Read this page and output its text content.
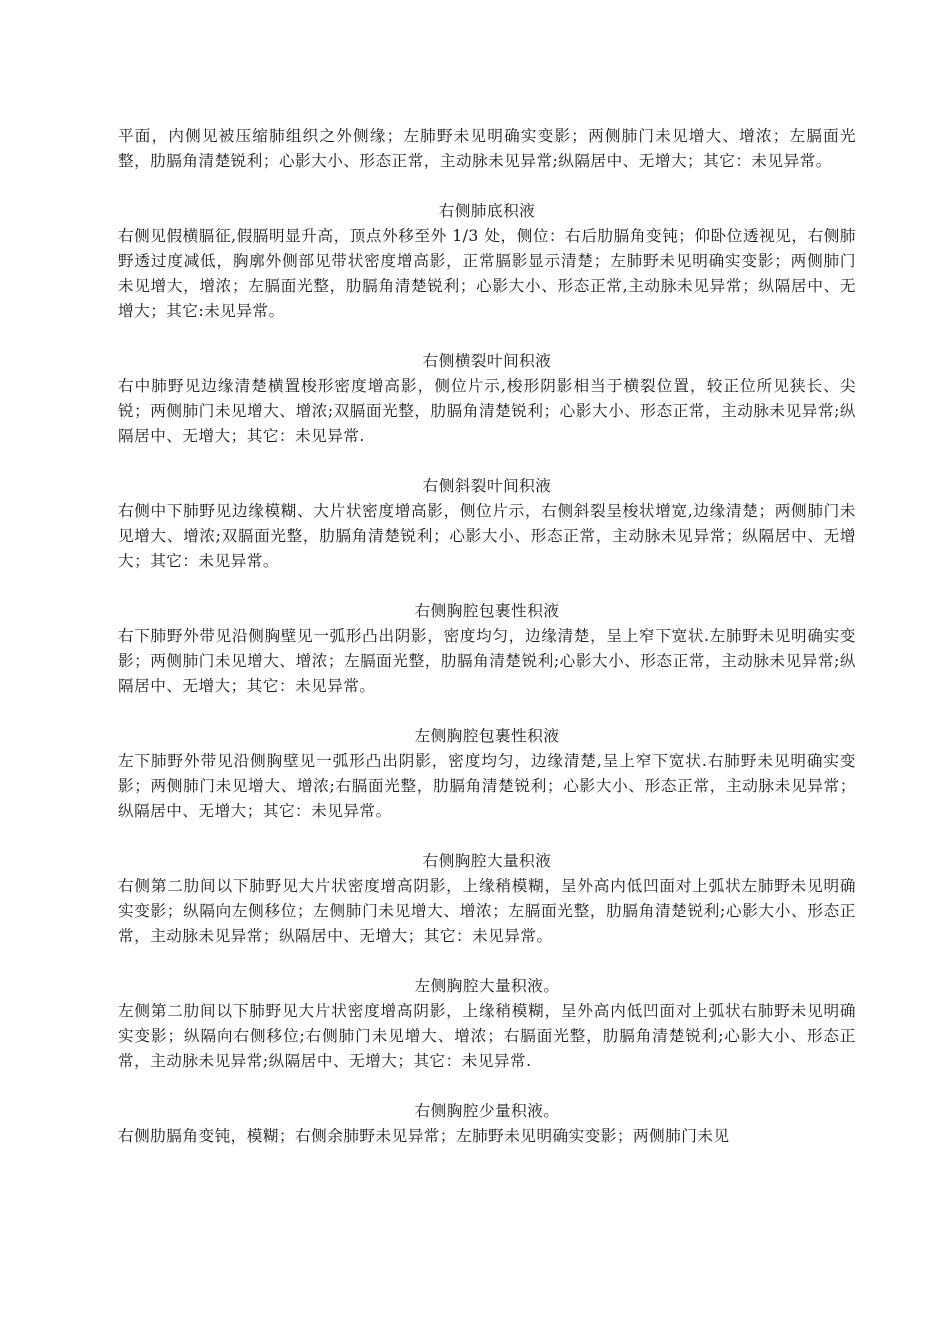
平面，内侧见被压缩肺组织之外侧缘；左肺野未见明确实变影；两侧肺门未见增大、增浓；左膈面光整，肋膈角清楚锐利；心影大小、形态正常，主动脉未见异常;纵隔居中、无增大；其它：未见异常。

右侧肺底积液

右侧见假横膈征,假膈明显升高，顶点外移至外 1/3 处，侧位：右后肋膈角变钝；仰卧位透视见，右侧肺野透过度减低，胸廓外侧部见带状密度增高影，正常膈影显示清楚；左肺野未见明确实变影；两侧肺门未见增大，增浓；左膈面光整，肋膈角清楚锐利；心影大小、形态正常,主动脉未见异常；纵隔居中、无增大；其它:未见异常。

右侧横裂叶间积液

右中肺野见边缘清楚横置梭形密度增高影，侧位片示,梭形阴影相当于横裂位置，较正位所见狭长、尖锐；两侧肺门未见增大、增浓;双膈面光整，肋膈角清楚锐利；心影大小、形态正常，主动脉未见异常;纵隔居中、无增大；其它：未见异常.

右侧斜裂叶间积液

右侧中下肺野见边缘模糊、大片状密度增高影，侧位片示，右侧斜裂呈梭状增宽,边缘清楚；两侧肺门未见增大、增浓;双膈面光整，肋膈角清楚锐利；心影大小、形态正常，主动脉未见异常；纵隔居中、无增大；其它：未见异常。

右侧胸腔包裹性积液

右下肺野外带见沿侧胸壁见一弧形凸出阴影，密度均匀，边缘清楚，呈上窄下宽状.左肺野未见明确实变影；两侧肺门未见增大、增浓；左膈面光整，肋膈角清楚锐利;心影大小、形态正常，主动脉未见异常;纵隔居中、无增大；其它：未见异常。

左侧胸腔包裹性积液

左下肺野外带见沿侧胸壁见一弧形凸出阴影，密度均匀，边缘清楚,呈上窄下宽状.右肺野未见明确实变影；两侧肺门未见增大、增浓;右膈面光整，肋膈角清楚锐利；心影大小、形态正常，主动脉未见异常；纵隔居中、无增大；其它：未见异常。

右侧胸腔大量积液

右侧第二肋间以下肺野见大片状密度增高阴影，上缘稍模糊，呈外高内低凹面对上弧状左肺野未见明确实变影；纵隔向左侧移位；左侧肺门未见增大、增浓；左膈面光整，肋膈角清楚锐利;心影大小、形态正常，主动脉未见异常；纵隔居中、无增大；其它：未见异常。

左侧胸腔大量积液。

左侧第二肋间以下肺野见大片状密度增高阴影，上缘稍模糊，呈外高内低凹面对上弧状右肺野未见明确实变影；纵隔向右侧移位;右侧肺门未见增大、增浓；右膈面光整，肋膈角清楚锐利;心影大小、形态正常，主动脉未见异常;纵隔居中、无增大；其它：未见异常.

右侧胸腔少量积液。

右侧肋膈角变钝，模糊；右侧余肺野未见异常；左肺野未见明确实变影；两侧肺门未见
